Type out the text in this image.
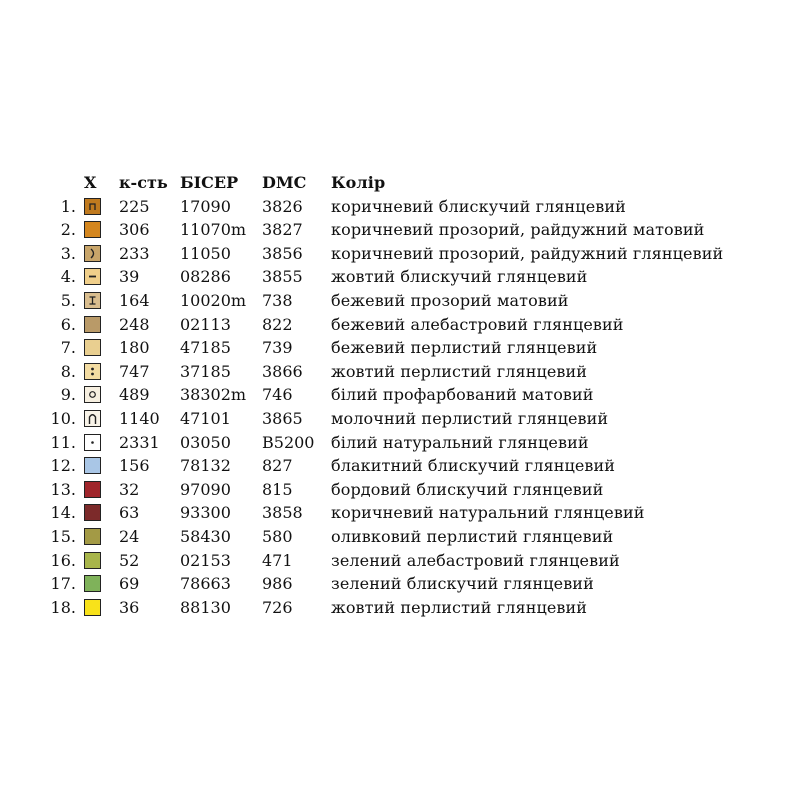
X к-сть БІСЕР DMC Колір
1.	225 17090 3826 коричневий блискучий глянцевий
2.	306 11070m 3827 коричневий прозорий, райдужний матовий
3.	233 11050 3856 коричневий прозорий, райдужний глянцевий
4.	39	08286 3855 жовтий блискучий глянцевий
5.	164 10020m 738 бежевий прозорий матовий
6.	248 02113 822 бежевий алебастровий глянцевий
7.	180 47185 739 бежевий перлистий глянцевий
8.	747 37185 3866 жовтий перлистий глянцевий
9.	489 38302m 746 білий профарбований матовий
10.	1140 47101 3865 молочний перлистий глянцевий
11.	2331 03050 B5200 білий натуральний глянцевий
12.	156 78132 827 блакитний блискучий глянцевий
13.	32	97090 815 бордовий блискучий глянцевий
14.	63	93300 3858 коричневий натуральний глянцевий
15.	24	58430 580 оливковий перлистий глянцевий
16.	52	02153 471 зелений алебастровий глянцевий
17.	69	78663 986 зелений блискучий глянцевий
18.	36	88130 726 жовтий перлистий глянцевий
